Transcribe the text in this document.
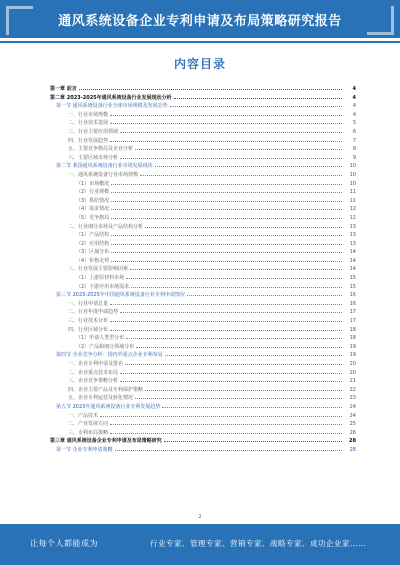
通风系统设备企业专利申请及布局策略研究报告
内容目录
第一章 前言	4
第二章 2023-2025年通风系统设备行业发展现状分析	4
第一节 通风系统设备行业全球市场规模及发展态势	4
一、行业市场规模	4
二、行业技术进展	5
三、行业主要应用领域	6
四、行业发展趋势	7
五、主要竞争格局及企业分析	8
六、主要区域市场分析	9
第二节 我国通风系统设备行业市场发展现状	10
一、通风系统设备行业市场规模	10
（1）市场概况	10
（2）行业规模	11
（3）供给情况	11
（4）需求情况	12
（5）竞争格局	12
二、行业细分市场及产品结构分析	13
（1）产品结构	13
（2）应用结构	13
（3）区域分布	14
（4）价格走势	14
三、行业发展主要影响因素	14
（1）上游原材料市场	15
（2）下游应用市场需求	15
第三节 2023-2025年中国通风系统设备行业专利申请情况	16
一、行业申请总量	16
二、行业年度申请趋势	17
三、行业技术分布	17
四、行业区域分布	18
（1）申请人类型分布	18
（2）产品和细分领域分布	19
第四节 企业竞争分析：国内外重点企业专利布局	19
一、企业专利申请及排名	20
二、企业重点技术布局	20
三、企业竞争策略分析	21
四、企业主要产品及专利保护策略	22
五、企业专利运营及转化情况	23
第五节 2023年通风系统设备行业专利发展趋势	24
一、产品技术	24
二、产业发展方向	25
三、专利布局策略	26
第三章 通风系统设备企业专利申请及布局策略研究	28
第一节 企业专利申请策略	28
2
让每个人都能成为	行业专家、管理专家、营销专家、战略专家、成功企业家……
